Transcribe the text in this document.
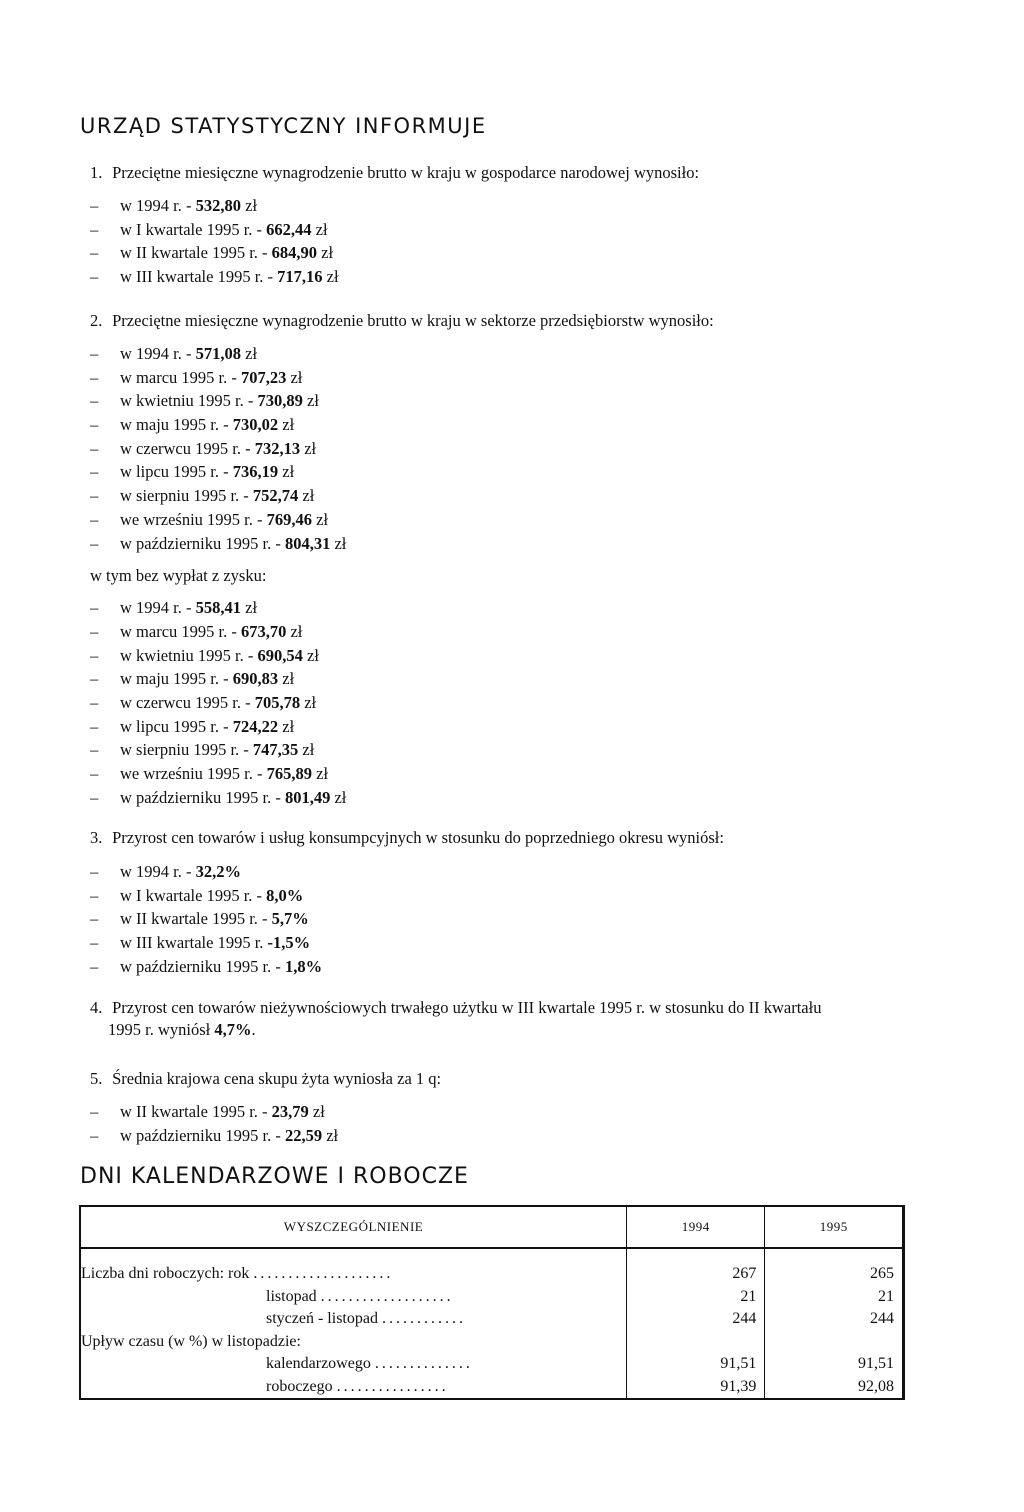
URZĄD STATYSTYCZNY INFORMUJE

1. Przeciętne miesięczne wynagrodzenie brutto w kraju w gospodarce narodowej wynosiło:

–	w 1994 r. - 532,80 zł
–	w I kwartale 1995 r. - 662,44 zł
–	w II kwartale 1995 r. - 684,90 zł
–	w III kwartale 1995 r. - 717,16 zł

2. Przeciętne miesięczne wynagrodzenie brutto w kraju w sektorze przedsiębiorstw wynosiło:

–	w 1994 r. - 571,08 zł
–	w marcu 1995 r. - 707,23 zł
–	w kwietniu 1995 r. - 730,89 zł
–	w maju 1995 r. - 730,02 zł
–	w czerwcu 1995 r. - 732,13 zł
–	w lipcu 1995 r. - 736,19 zł
–	w sierpniu 1995 r. - 752,74 zł
–	we wrześniu 1995 r. - 769,46 zł
–	w październiku 1995 r. - 804,31 zł

w tym bez wypłat z zysku:

–	w 1994 r. - 558,41 zł
–	w marcu 1995 r. - 673,70 zł
–	w kwietniu 1995 r. - 690,54 zł
–	w maju 1995 r. - 690,83 zł
–	w czerwcu 1995 r. - 705,78 zł
–	w lipcu 1995 r. - 724,22 zł
–	w sierpniu 1995 r. - 747,35 zł
–	we wrześniu 1995 r. - 765,89 zł
–	w październiku 1995 r. - 801,49 zł

3. Przyrost cen towarów i usług konsumpcyjnych w stosunku do poprzedniego okresu wyniósł:

–	w 1994 r. - 32,2%
–	w I kwartale 1995 r. - 8,0%
–	w II kwartale 1995 r. - 5,7%
–	w III kwartale 1995 r. -1,5%
–	w październiku 1995 r. - 1,8%

4. Przyrost cen towarów nieżywnościowych trwałego użytku w III kwartale 1995 r. w stosunku do II kwartału

1995 r. wyniósł 4,7%.

5. Średnia krajowa cena skupu żyta wyniosła za 1 q:

–	w II kwartale 1995 r. - 23,79 zł
–	w październiku 1995 r. - 22,59 zł
DNI KALENDARZOWE I ROBOCZE
WYSZCZEGÓLNIENIE	1994	1995

Liczba dni roboczych: rok ....................	267	265
listopad ...................	21	21
styczeń - listopad ............	244	244
Upływ czasu (w %) w listopadzie:		
kalendarzowego ..............	91,51	91,51
roboczego ................	91,39	92,08
